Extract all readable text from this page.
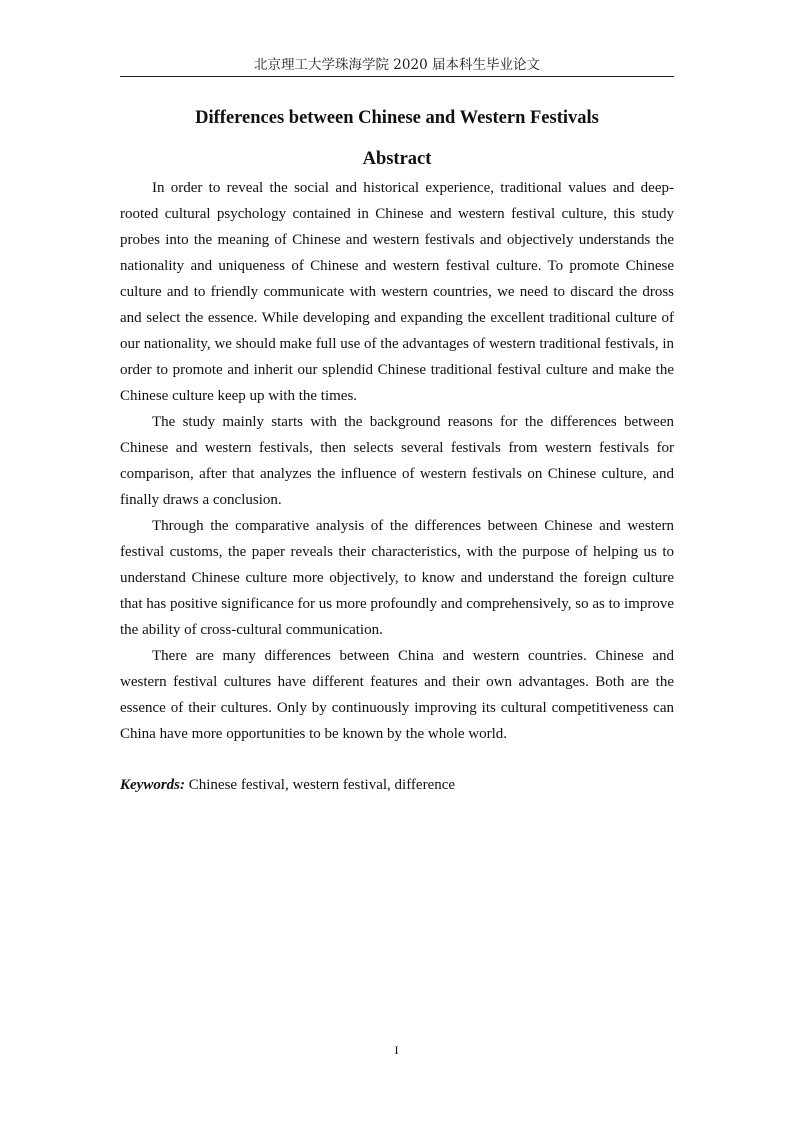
北京理工大学珠海学院 2020 届本科生毕业论文
Differences between Chinese and Western Festivals
Abstract

In order to reveal the social and historical experience, traditional values and deep-rooted cultural psychology contained in Chinese and western festival culture, this study probes into the meaning of Chinese and western festivals and objectively understands the nationality and uniqueness of Chinese and western festival culture. To promote Chinese culture and to friendly communicate with western countries, we need to discard the dross and select the essence. While developing and expanding the excellent traditional culture of our nationality, we should make full use of the advantages of western traditional festivals, in order to promote and inherit our splendid Chinese traditional festival culture and make the Chinese culture keep up with the times.

The study mainly starts with the background reasons for the differences between Chinese and western festivals, then selects several festivals from western festivals for comparison, after that analyzes the influence of western festivals on Chinese culture, and finally draws a conclusion.

Through the comparative analysis of the differences between Chinese and western festival customs, the paper reveals their characteristics, with the purpose of helping us to understand Chinese culture more objectively, to know and understand the foreign culture that has positive significance for us more profoundly and comprehensively, so as to improve the ability of cross-cultural communication.

There are many differences between China and western countries. Chinese and western festival cultures have different features and their own advantages. Both are the essence of their cultures. Only by continuously improving its cultural competitiveness can China have more opportunities to be known by the whole world.

Keywords: Chinese festival, western festival, difference
I
